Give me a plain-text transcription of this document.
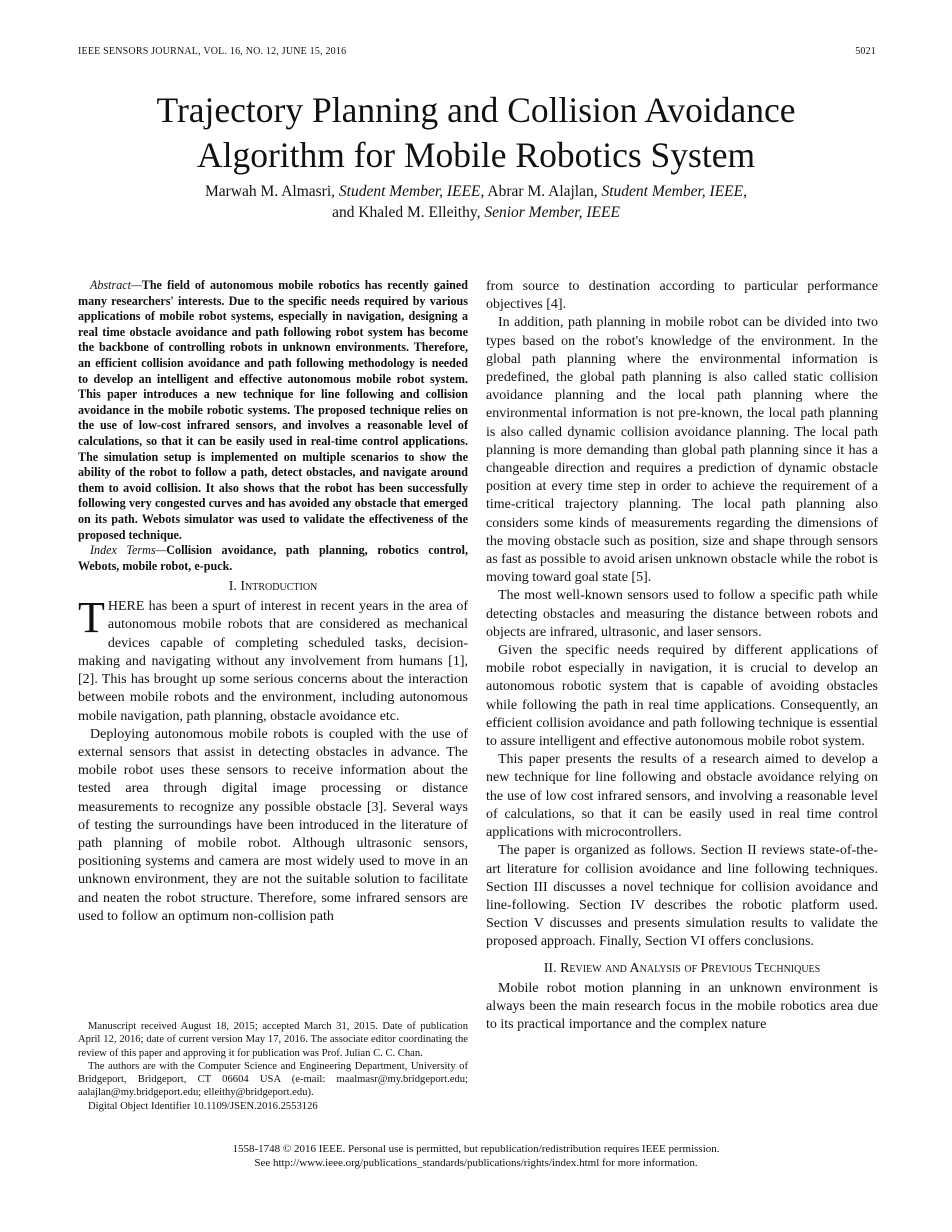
IEEE SENSORS JOURNAL, VOL. 16, NO. 12, JUNE 15, 2016	5021
Trajectory Planning and Collision Avoidance
Algorithm for Mobile Robotics System
Marwah M. Almasri, Student Member, IEEE, Abrar M. Alajlan, Student Member, IEEE,
and Khaled M. Elleithy, Senior Member, IEEE

Abstract—The field of autonomous mobile robotics has recently gained many researchers' interests. Due to the specific needs required by various applications of mobile robot systems, especially in navigation, designing a real time obstacle avoidance and path following robot system has become the backbone of controlling robots in unknown environments. Therefore, an efficient collision avoidance and path following methodology is needed to develop an intelligent and effective autonomous mobile robot system. This paper introduces a new technique for line following and collision avoidance in the mobile robotic systems. The proposed technique relies on the use of low-cost infrared sensors, and involves a reasonable level of calculations, so that it can be easily used in real-time control applications. The simulation setup is implemented on multiple scenarios to show the ability of the robot to follow a path, detect obstacles, and navigate around them to avoid collision. It also shows that the robot has been successfully following very congested curves and has avoided any obstacle that emerged on its path. Webots simulator was used to validate the effectiveness of the proposed technique.

Index Terms—Collision avoidance, path planning, robotics control, Webots, mobile robot, e-puck.

I. Introduction

THERE has been a spurt of interest in recent years in the area of autonomous mobile robots that are considered as mechanical devices capable of completing scheduled tasks, decision-making and navigating without any involvement from humans [1], [2]. This has brought up some serious concerns about the interaction between mobile robots and the environment, including autonomous mobile navigation, path planning, obstacle avoidance etc.

Deploying autonomous mobile robots is coupled with the use of external sensors that assist in detecting obstacles in advance. The mobile robot uses these sensors to receive information about the tested area through digital image processing or distance measurements to recognize any possible obstacle [3]. Several ways of testing the surroundings have been introduced in the literature of path planning of mobile robot. Although ultrasonic sensors, positioning systems and camera are most widely used to move in an unknown environment, they are not the suitable solution to facilitate and neaten the robot structure. Therefore, some infrared sensors are used to follow an optimum non-collision path

Manuscript received August 18, 2015; accepted March 31, 2015. Date of publication April 12, 2016; date of current version May 17, 2016. The associate editor coordinating the review of this paper and approving it for publication was Prof. Julian C. C. Chan.

The authors are with the Computer Science and Engineering Department, University of Bridgeport, Bridgeport, CT 06604 USA (e-mail: maalmasr@my.bridgeport.edu; aalajlan@my.bridgeport.edu; elleithy@bridgeport.edu).

Digital Object Identifier 10.1109/JSEN.2016.2553126

from source to destination according to particular performance objectives [4].

In addition, path planning in mobile robot can be divided into two types based on the robot's knowledge of the environment. In the global path planning where the environmental information is predefined, the global path planning is also called static collision avoidance planning and the local path planning where the environmental information is not pre-known, the local path planning is also called dynamic collision avoidance planning. The local path planning is more demanding than global path planning since it has a changeable direction and requires a prediction of dynamic obstacle position at every time step in order to achieve the requirement of a time-critical trajectory planning. The local path planning also considers some kinds of measurements regarding the dimensions of the moving obstacle such as position, size and shape through sensors as fast as possible to avoid arisen unknown obstacle while the robot is moving toward goal state [5].

The most well-known sensors used to follow a specific path while detecting obstacles and measuring the distance between robots and objects are infrared, ultrasonic, and laser sensors.

Given the specific needs required by different applications of mobile robot especially in navigation, it is crucial to develop an autonomous robotic system that is capable of avoiding obstacles while following the path in real time applications. Consequently, an efficient collision avoidance and path following technique is essential to assure intelligent and effective autonomous mobile robot system.

This paper presents the results of a research aimed to develop a new technique for line following and obstacle avoidance relying on the use of low cost infrared sensors, and involving a reasonable level of calculations, so that it can be easily used in real time control applications with microcontrollers.

The paper is organized as follows. Section II reviews state-of-the-art literature for collision avoidance and line following techniques. Section III discusses a novel technique for collision avoidance and line-following. Section IV describes the robotic platform used. Section V discusses and presents simulation results to validate the proposed approach. Finally, Section VI offers conclusions.

II. Review and Analysis of Previous Techniques

Mobile robot motion planning in an unknown environment is always been the main research focus in the mobile robotics area due to its practical importance and the complex nature

1558-1748 © 2016 IEEE. Personal use is permitted, but republication/redistribution requires IEEE permission.
See http://www.ieee.org/publications_standards/publications/rights/index.html for more information.
